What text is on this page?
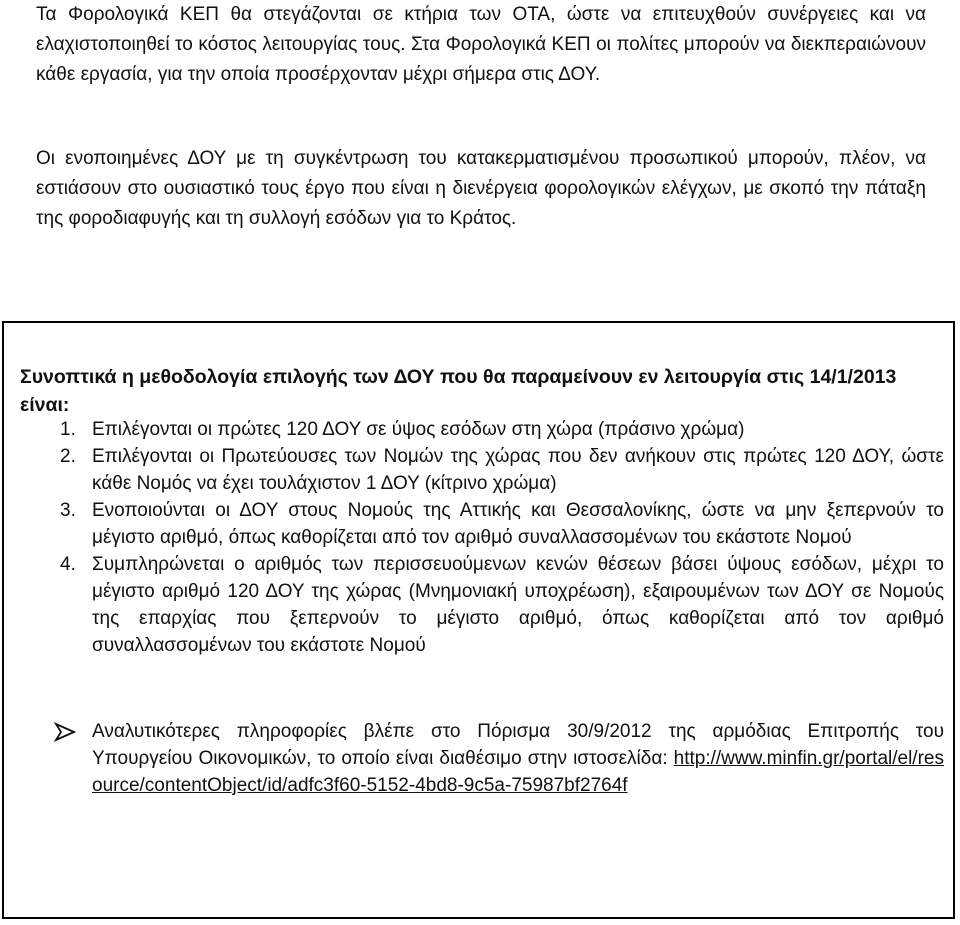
Τα Φορολογικά ΚΕΠ θα στεγάζονται σε κτήρια των ΟΤΑ, ώστε να επιτευχθούν συνέργειες και να ελαχιστοποιηθεί το κόστος λειτουργίας τους. Στα Φορολογικά ΚΕΠ οι πολίτες μπορούν να διεκπεραιώνουν κάθε εργασία, για την οποία προσέρχονταν μέχρι σήμερα στις ΔΟΥ.

Οι ενοποιημένες ΔΟΥ με τη συγκέντρωση του κατακερματισμένου προσωπικού μπορούν, πλέον, να εστιάσουν στο ουσιαστικό τους έργο που είναι η διενέργεια φορολογικών ελέγχων, με σκοπό την πάταξη της φοροδιαφυγής και τη συλλογή εσόδων για το Κράτος.

Συνοπτικά η μεθοδολογία επιλογής των ΔΟΥ που θα παραμείνουν εν λειτουργία στις 14/1/2013 είναι:

1. Επιλέγονται οι πρώτες 120 ΔΟΥ σε ύψος εσόδων στη χώρα (πράσινο χρώμα)
2. Επιλέγονται οι Πρωτεύουσες των Νομών της χώρας που δεν ανήκουν στις πρώτες 120 ΔΟΥ, ώστε κάθε Νομός να έχει τουλάχιστον 1 ΔΟΥ (κίτρινο χρώμα)
3. Ενοποιούνται οι ΔΟΥ στους Νομούς της Αττικής και Θεσσαλονίκης, ώστε να μην ξεπερνούν το μέγιστο αριθμό, όπως καθορίζεται από τον αριθμό συναλλασσομένων του εκάστοτε Νομού
4. Συμπληρώνεται ο αριθμός των περισσευούμενων κενών θέσεων βάσει ύψους εσόδων, μέχρι το μέγιστο αριθμό 120 ΔΟΥ της χώρας (Μνημονιακή υποχρέωση), εξαιρουμένων των ΔΟΥ σε Νομούς της επαρχίας που ξεπερνούν το μέγιστο αριθμό, όπως καθορίζεται από τον αριθμό συναλλασσομένων του εκάστοτε Νομού

Αναλυτικότερες πληροφορίες βλέπε στο Πόρισμα 30/9/2012 της αρμόδιας Επιτροπής του Υπουργείου Οικονομικών, το οποίο είναι διαθέσιμο στην ιστοσελίδα: http://www.minfin.gr/portal/el/resource/contentObject/id/adfc3f60-5152-4bd8-9c5a-75987bf2764f
